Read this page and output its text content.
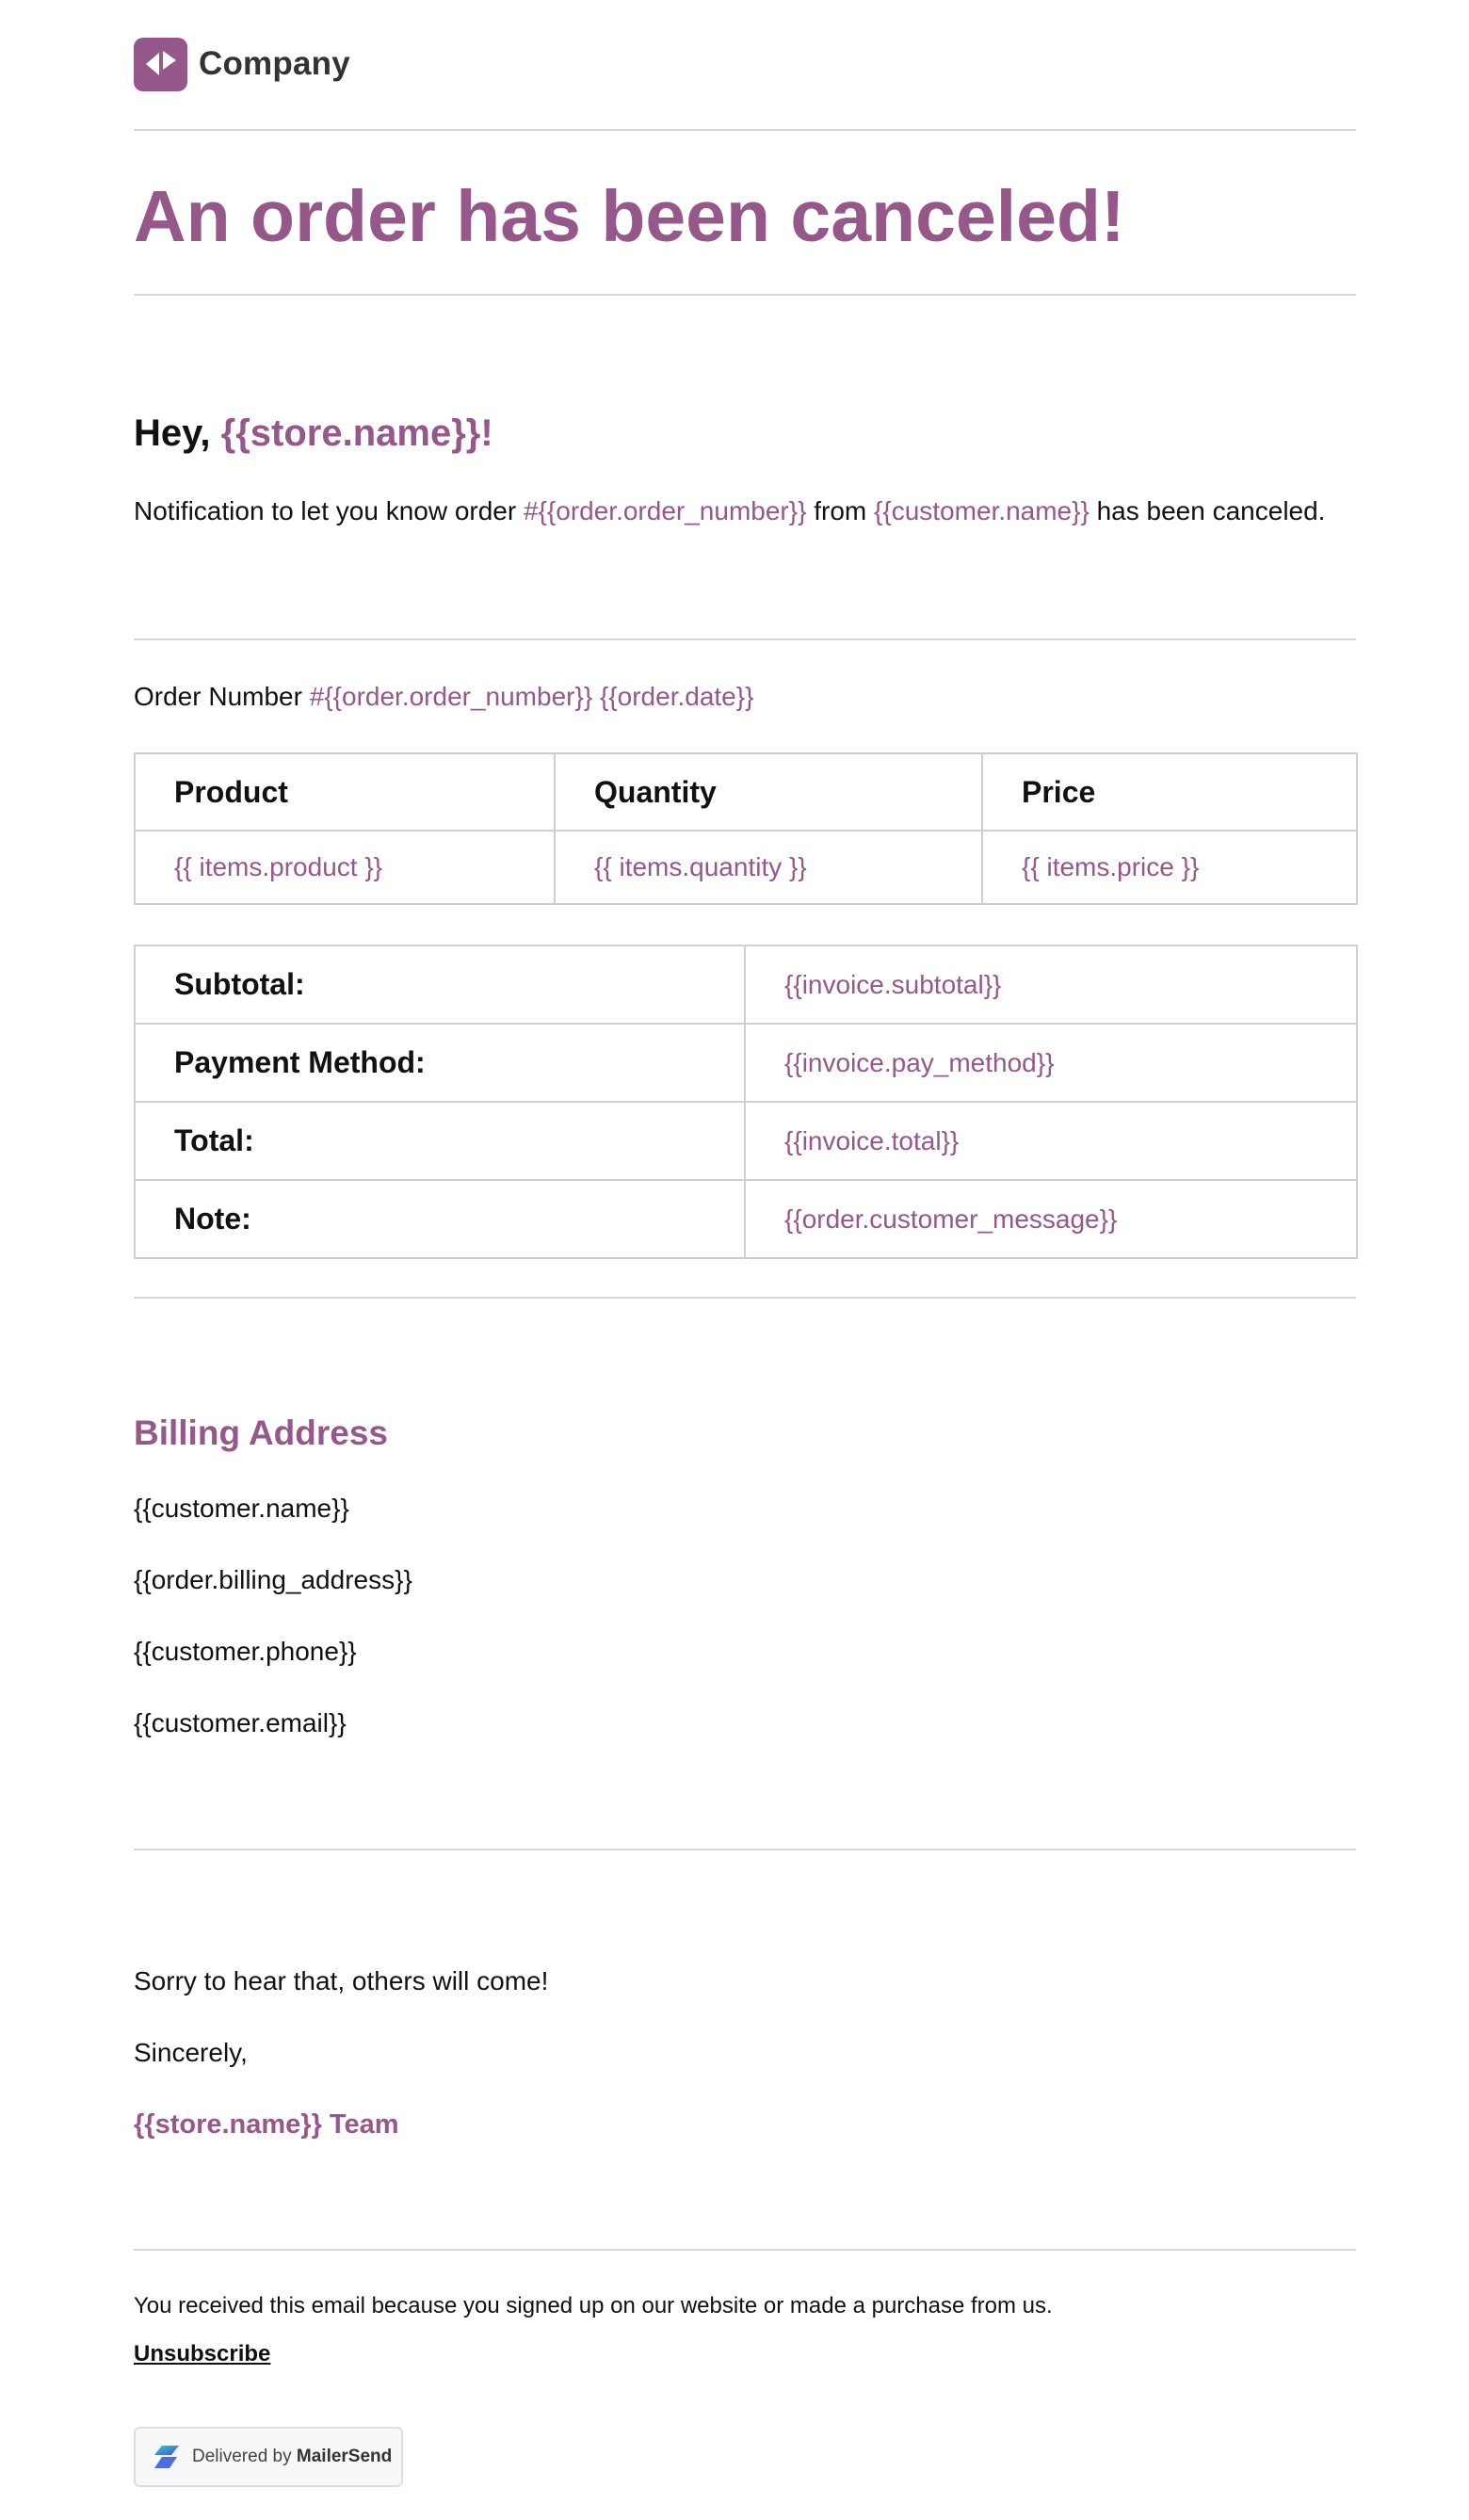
Company
An order has been canceled!
Hey, {{store.name}}!
Notification to let you know order #{{order.order_number}} from {{customer.name}} has been canceled.
Order Number #{{order.order_number}} {{order.date}}
Product	Quantity	Price
{{ items.product }}	{{ items.quantity }}	{{ items.price }}
Subtotal:	{{invoice.subtotal}}
Payment Method:	{{invoice.pay_method}}
Total:	{{invoice.total}}
Note:	{{order.customer_message}}
Billing Address
{{customer.name}}
{{order.billing_address}}
{{customer.phone}}
{{customer.email}}
Sorry to hear that, others will come!
Sincerely,
{{store.name}} Team
You received this email because you signed up on our website or made a purchase from us.
Unsubscribe
Delivered by MailerSend
